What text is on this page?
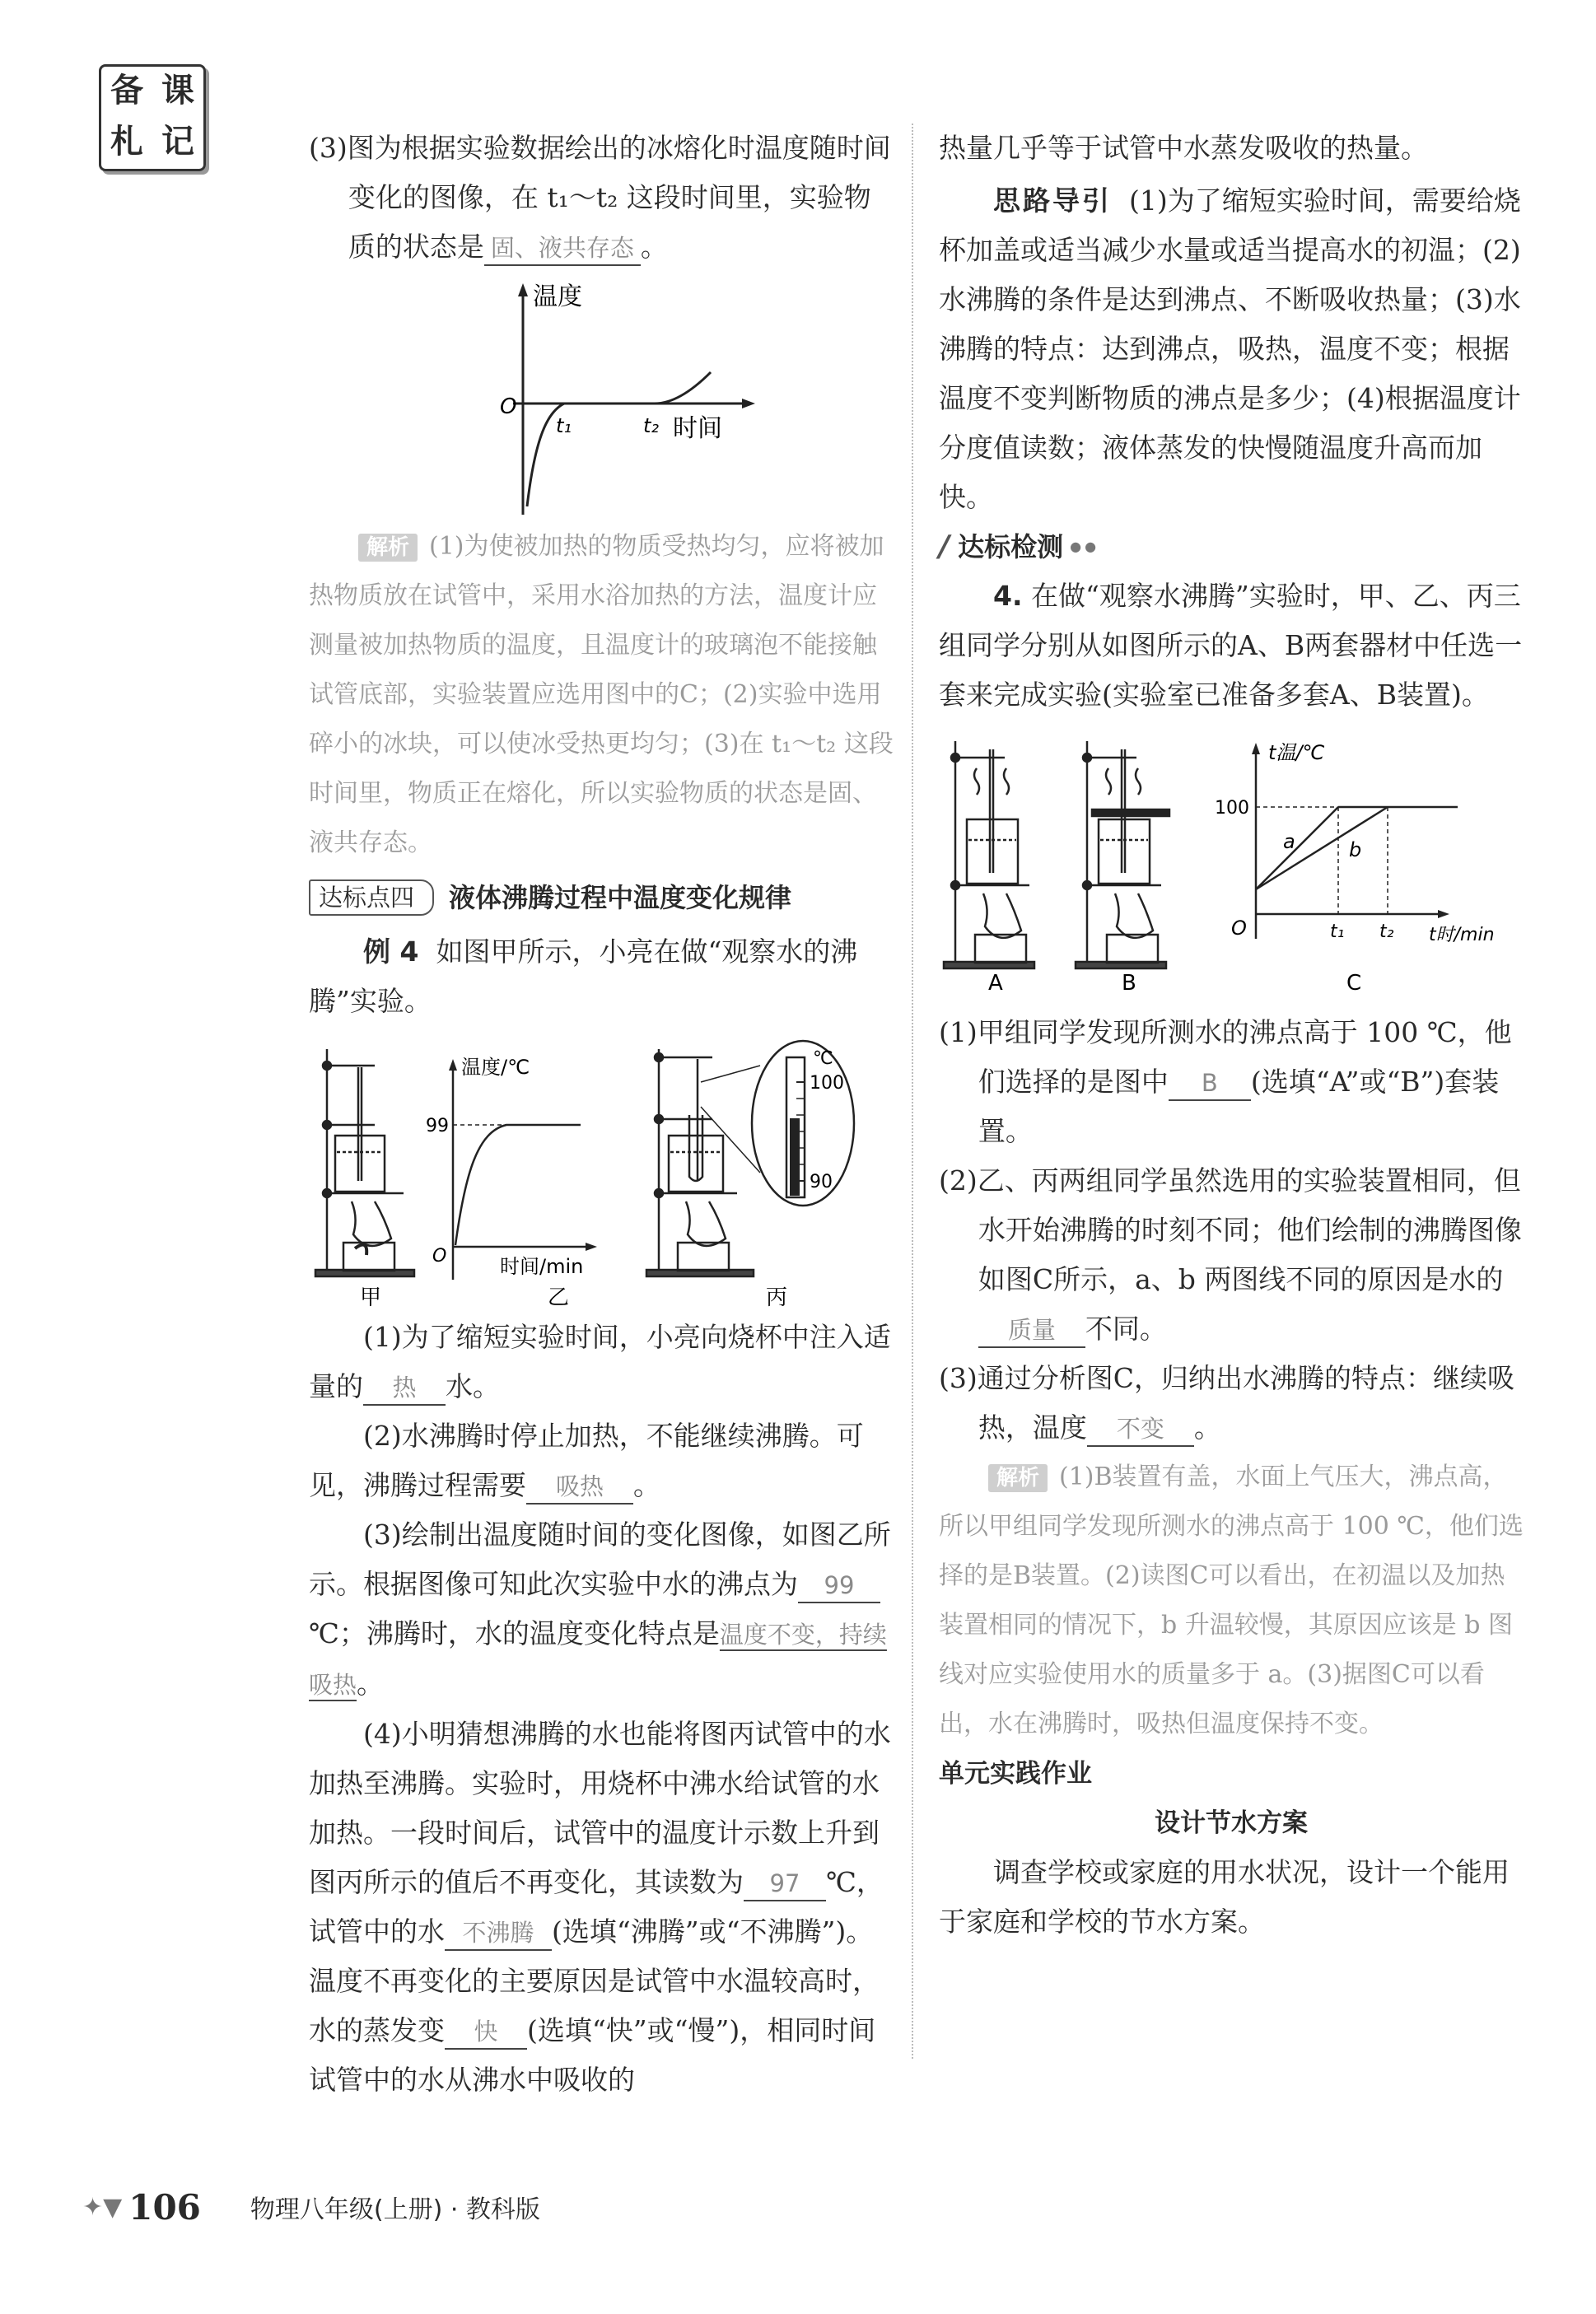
备 课
札 记	(3)图为根据实验数据绘出的冰熔化时温度随时间变化的图像，在 t₁～t₂ 这段时间里，实验物质的状态是 固、液共存态 。

温度
O
t₁	t₂ 时间

解析 (1)为使被加热的物质受热均匀，应将被加热物质放在试管中，采用水浴加热的方法，温度计应测量被加热物质的温度，且温度计的玻璃泡不能接触试管底部，实验装置应选用图中的C；(2)实验中选用碎小的冰块，可以使冰受热更均匀；(3)在 t₁～t₂ 这段时间里，物质正在熔化，所以实验物质的状态是固、液共存态。

达标点四	液体沸腾过程中温度变化规律

例 4 如图甲所示，小亮在做“观察水的沸腾”实验。

温度/℃
99
O	时间/min
℃
100
90
甲	乙	丙

(1)为了缩短实验时间，小亮向烧杯中注入适量的 热 水。

(2)水沸腾时停止加热，不能继续沸腾。可见，沸腾过程需要 吸热 。

(3)绘制出温度随时间的变化图像，如图乙所示。根据图像可知此次实验中水的沸点为 99℃；沸腾时，水的温度变化特点是温度不变，持续吸热。

(4)小明猜想沸腾的水也能将图丙试管中的水加热至沸腾。实验时，用烧杯中沸水给试管的水加热。一段时间后，试管中的温度计示数上升到图丙所示的值后不再变化，其读数为 97 ℃，试管中的水 不沸腾 (选填“沸腾”或“不沸腾”)。温度不再变化的主要原因是试管中水温较高时，水的蒸发变 快 (选填“快”或“慢”)，相同时间试管中的水从沸水中吸收的

热量几乎等于试管中水蒸发吸收的热量。

思路导引 (1)为了缩短实验时间，需要给烧杯加盖或适当减少水量或适当提高水的初温；(2)水沸腾的条件是达到沸点、不断吸收热量；(3)水沸腾的特点：达到沸点，吸热，温度不变；根据温度不变判断物质的沸点是多少；(4)根据温度计分度值读数；液体蒸发的快慢随温度升高而加快。

/ 达标检测 ●●

4. 在做“观察水沸腾”实验时，甲、乙、丙三组同学分别从如图所示的A、B两套器材中任选一套来完成实验(实验室已准备多套A、B装置)。

t温/℃
100
O
a	b
t₁ t₂ t时/min
A	B	C

(1)甲组同学发现所测水的沸点高于 100 ℃，他们选择的是图中 B (选填“A”或“B”)套装置。

(2)乙、丙两组同学虽然选用的实验装置相同，但水开始沸腾的时刻不同；他们绘制的沸腾图像如图C所示，a、b 两图线不同的原因是水的质量 不同。

(3)通过分析图C，归纳出水沸腾的特点：继续吸热，温度 不变 。

解析 (1)B装置有盖，水面上气压大，沸点高，所以甲组同学发现所测水的沸点高于 100 ℃，他们选择的是B装置。(2)读图C可以看出，在初温以及加热装置相同的情况下，b 升温较慢，其原因应该是 b 图线对应实验使用水的质量多于 a。(3)据图C可以看出，水在沸腾时，吸热但温度保持不变。

单元实践作业

设计节水方案

调查学校或家庭的用水状况，设计一个能用于家庭和学校的节水方案。

✦▼ 106 物理八年级(上册) · 教科版
